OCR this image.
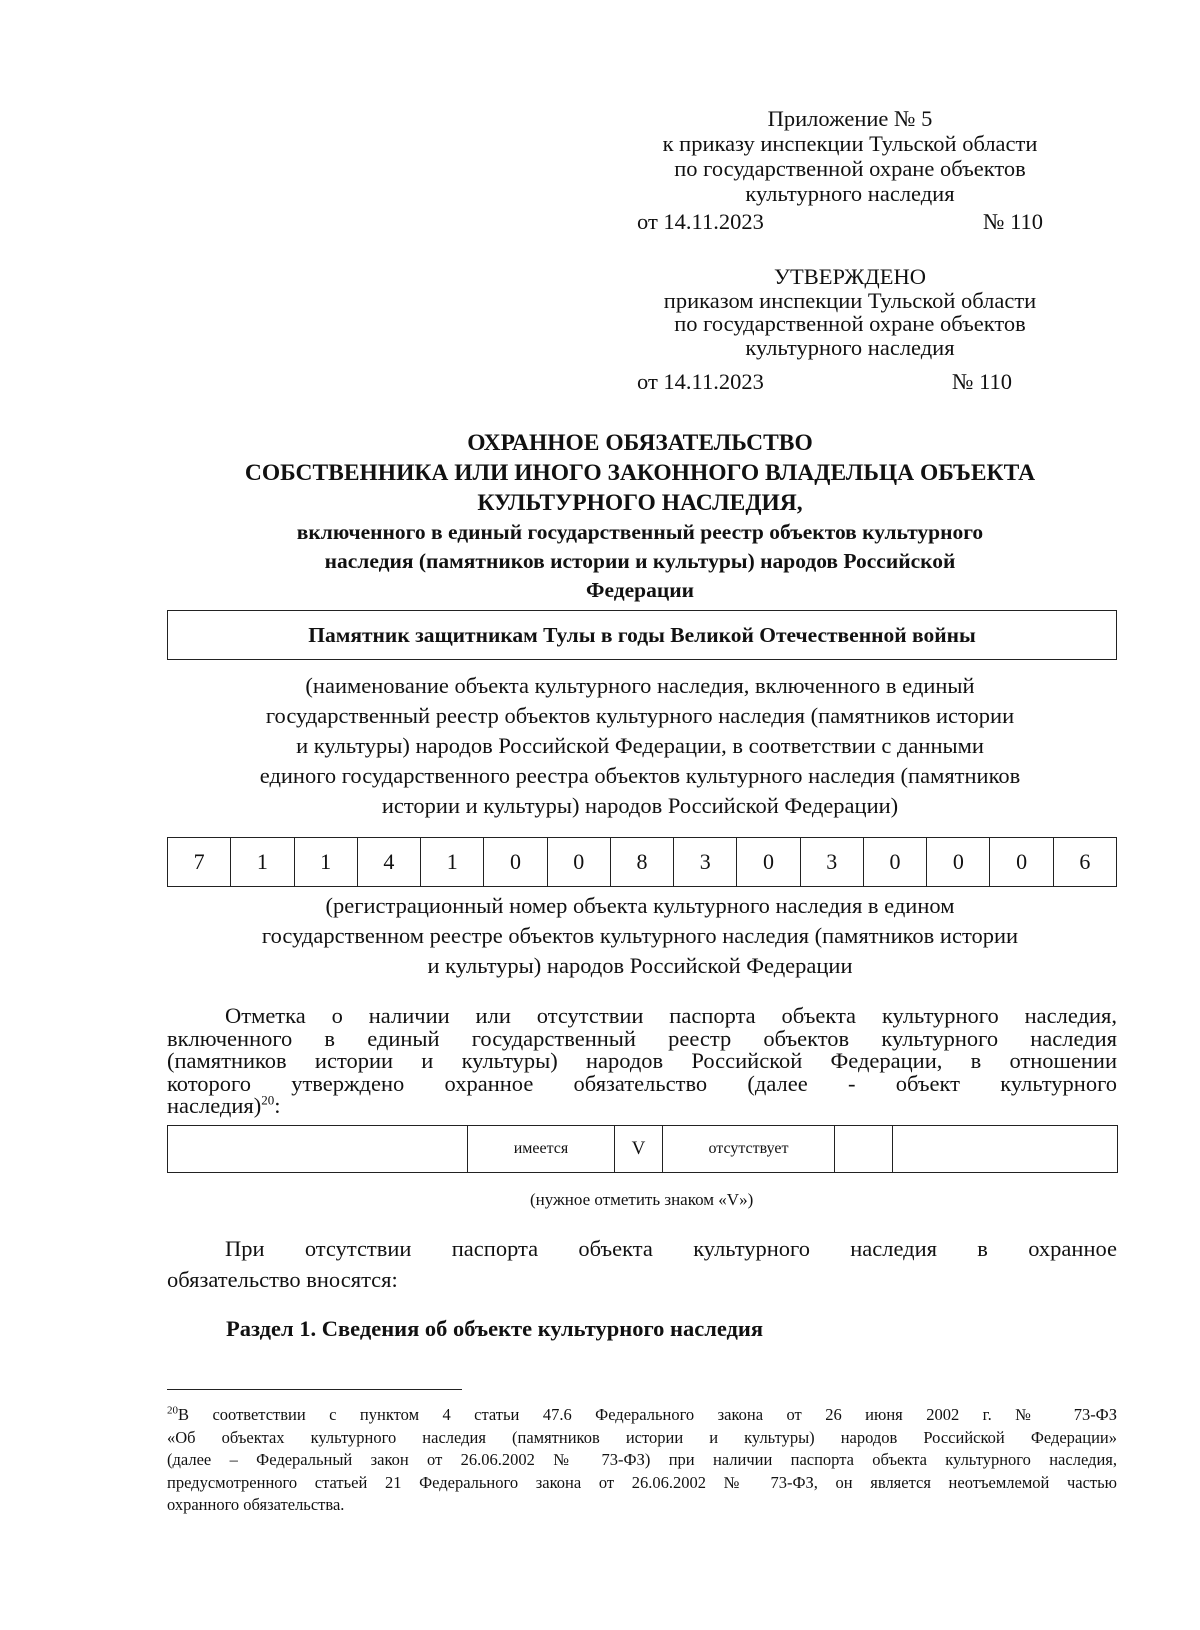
Приложение № 5
к приказу инспекции Тульской области
по государственной охране объектов
культурного наследия
от 14.11.2023	№ 110
УТВЕРЖДЕНО
приказом инспекции Тульской области
по государственной охране объектов
культурного наследия
от 14.11.2023	№ 110
ОХРАННОЕ ОБЯЗАТЕЛЬСТВО
СОБСТВЕННИКА ИЛИ ИНОГО ЗАКОННОГО ВЛАДЕЛЬЦА ОБЪЕКТА
КУЛЬТУРНОГО НАСЛЕДИЯ,
включенного в единый государственный реестр объектов культурного
наследия (памятников истории и культуры) народов Российской
Федерации
Памятник защитникам Тулы в годы Великой Отечественной войны
(наименование объекта культурного наследия, включенного в единый
государственный реестр объектов культурного наследия (памятников истории
и культуры) народов Российской Федерации, в соответствии с данными
единого государственного реестра объектов культурного наследия (памятников
истории и культуры) народов Российской Федерации)
7	1	1	4	1	0	0	8	3	0	3	0	0	0	6
(регистрационный номер объекта культурного наследия в едином
государственном реестре объектов культурного наследия (памятников истории
и культуры) народов Российской Федерации
Отметка о наличии или отсутствии паспорта объекта культурного наследия,
включенного в единый государственный реестр объектов культурного наследия
(памятников истории и культуры) народов Российской Федерации, в отношении
которого утверждено охранное обязательство (далее - объект культурного
наследия)$^{20}$:
	имеется	V	отсутствует		
(нужное отметить знаком «V»)
При отсутствии паспорта объекта культурного наследия в охранное
обязательство вносятся:
Раздел 1. Сведения об объекте культурного наследия
$^{20}$В соответствии с пунктом 4 статьи 47.6 Федерального закона от 26 июня 2002 г. № 73-ФЗ
«Об объектах культурного наследия (памятников истории и культуры) народов Российской Федерации»
(далее – Федеральный закон от 26.06.2002 № 73-ФЗ) при наличии паспорта объекта культурного наследия,
предусмотренного статьей 21 Федерального закона от 26.06.2002 № 73-ФЗ, он является неотъемлемой частью
охранного обязательства.
